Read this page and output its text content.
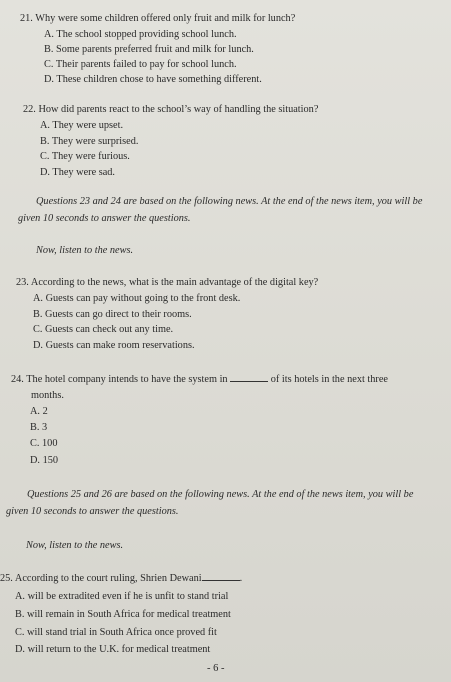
21. Why were some children offered only fruit and milk for lunch?
A. The school stopped providing school lunch.
B. Some parents preferred fruit and milk for lunch.
C. Their parents failed to pay for school lunch.
D. These children chose to have something different.
22. How did parents react to the school’s way of handling the situation?
A. They were upset.
B. They were surprised.
C. They were furious.
D. They were sad.
Questions 23 and 24 are based on the following news. At the end of the news item, you will be
given 10 seconds to answer the questions.
Now, listen to the news.
23. According to the news, what is the main advantage of the digital key?
A. Guests can pay without going to the front desk.
B. Guests can go direct to their rooms.
C. Guests can check out any time.
D. Guests can make room reservations.
24. The hotel company intends to have the system in	of its hotels in the next three
months.
A. 2
B. 3
C. 100
D. 150
Questions 25 and 26 are based on the following news. At the end of the news item, you will be
given 10 seconds to answer the questions.
Now, listen to the news.
25. According to the court ruling, Shrien Dewani	.
A. will be extradited even if he is unfit to stand trial
B. will remain in South Africa for medical treatment
C. will stand trial in South Africa once proved fit
D. will return to the U.K. for medical treatment
- 6 -
